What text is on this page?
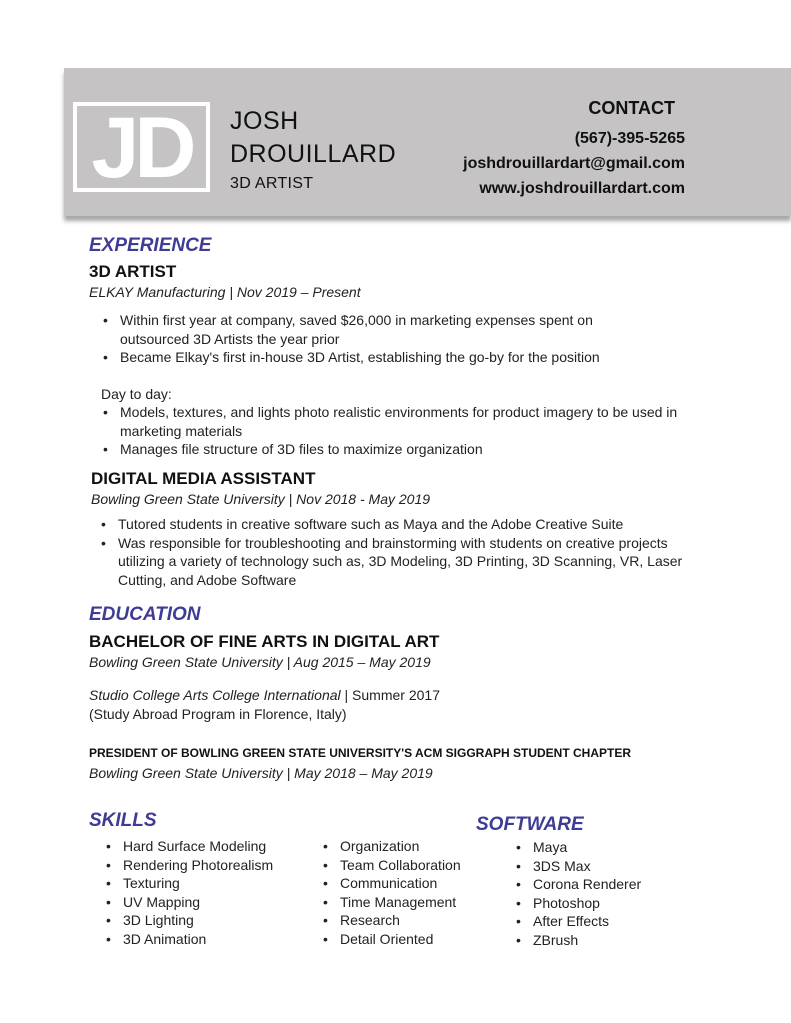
JD	JOSH
DROUILLARD
3D ARTIST
CONTACT
(567)-395-5265
joshdrouillardart@gmail.com
www.joshdrouillardart.com
EXPERIENCE
3D ARTIST
ELKAY Manufacturing | Nov 2019 – Present
• Within first year at company, saved $26,000 in marketing expenses spent on outsourced 3D Artists the year prior
• Became Elkay's first in-house 3D Artist, establishing the go-by for the position
Day to day:
• Models, textures, and lights photo realistic environments for product imagery to be used in marketing materials
• Manages file structure of 3D files to maximize organization
DIGITAL MEDIA ASSISTANT
Bowling Green State University | Nov 2018 - May 2019
• Tutored students in creative software such as Maya and the Adobe Creative Suite
• Was responsible for troubleshooting and brainstorming with students on creative projects utilizing a variety of technology such as, 3D Modeling, 3D Printing, 3D Scanning, VR, Laser Cutting, and Adobe Software
EDUCATION
BACHELOR OF FINE ARTS IN DIGITAL ART
Bowling Green State University | Aug 2015 – May 2019
Studio College Arts College International | Summer 2017
(Study Abroad Program in Florence, Italy)
PRESIDENT OF BOWLING GREEN STATE UNIVERSITY'S ACM SIGGRAPH STUDENT CHAPTER
Bowling Green State University | May 2018 – May 2019
SKILLS
• Hard Surface Modeling
• Rendering Photorealism
• Texturing
• UV Mapping
• 3D Lighting
• 3D Animation
• Organization
• Team Collaboration
• Communication
• Time Management
• Research
• Detail Oriented
SOFTWARE
• Maya
• 3DS Max
• Corona Renderer
• Photoshop
• After Effects
• ZBrush
